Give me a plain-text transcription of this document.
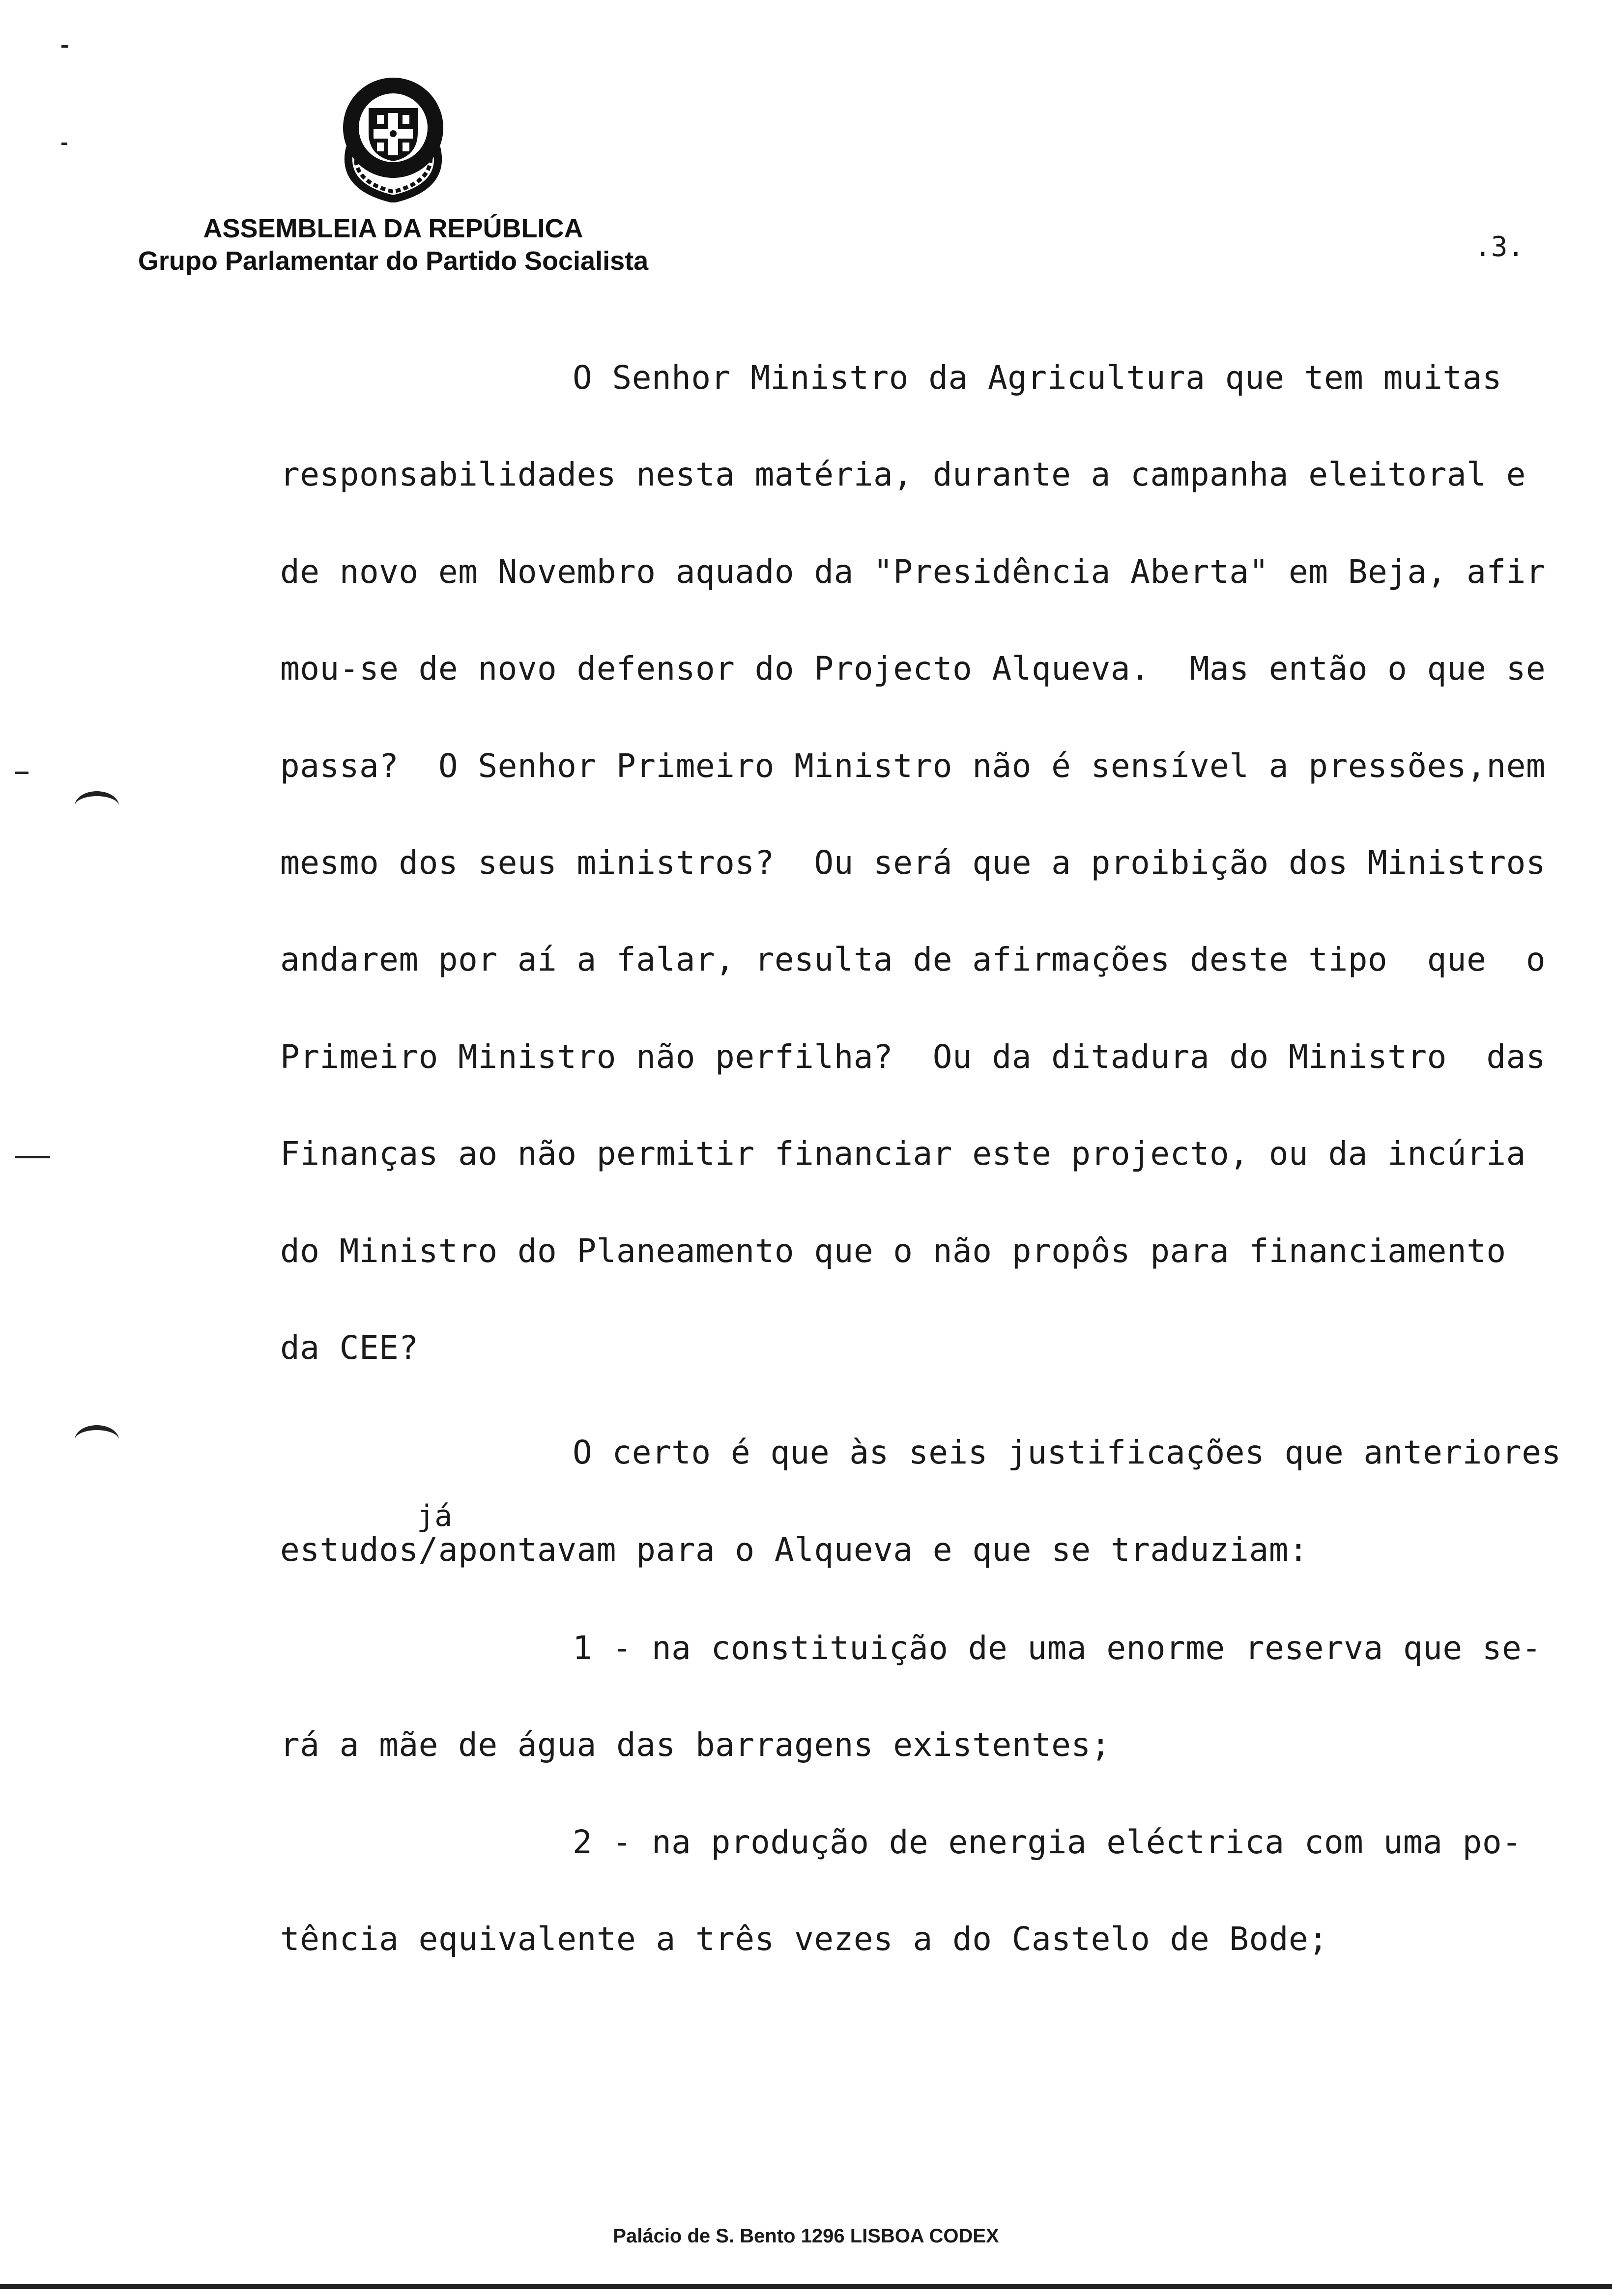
ASSEMBLEIA DA REPÚBLICA
Grupo Parlamentar do Partido Socialista	.3.
O Senhor Ministro da Agricultura que tem muitas
responsabilidades nesta matéria, durante a campanha eleitoral e
de novo em Novembro aquado da "Presidência Aberta" em Beja, afir
mou-se de novo defensor do Projecto Alqueva.  Mas então o que se
passa?  O Senhor Primeiro Ministro não é sensível a pressões,nem
mesmo dos seus ministros?  Ou será que a proibição dos Ministros
andarem por aí a falar, resulta de afirmações deste tipo  que  o
Primeiro Ministro não perfilha?  Ou da ditadura do Ministro  das
Finanças ao não permitir financiar este projecto, ou da incúria
do Ministro do Planeamento que o não propôs para financiamento
da CEE?
O certo é que às seis justificações que anteriores
já
estudos/apontavam para o Alqueva e que se traduziam:
1 - na constituição de uma enorme reserva que se-
rá a mãe de água das barragens existentes;
2 - na produção de energia eléctrica com uma po-
tência equivalente a três vezes a do Castelo de Bode;
Palácio de S. Bento 1296 LISBOA CODEX
